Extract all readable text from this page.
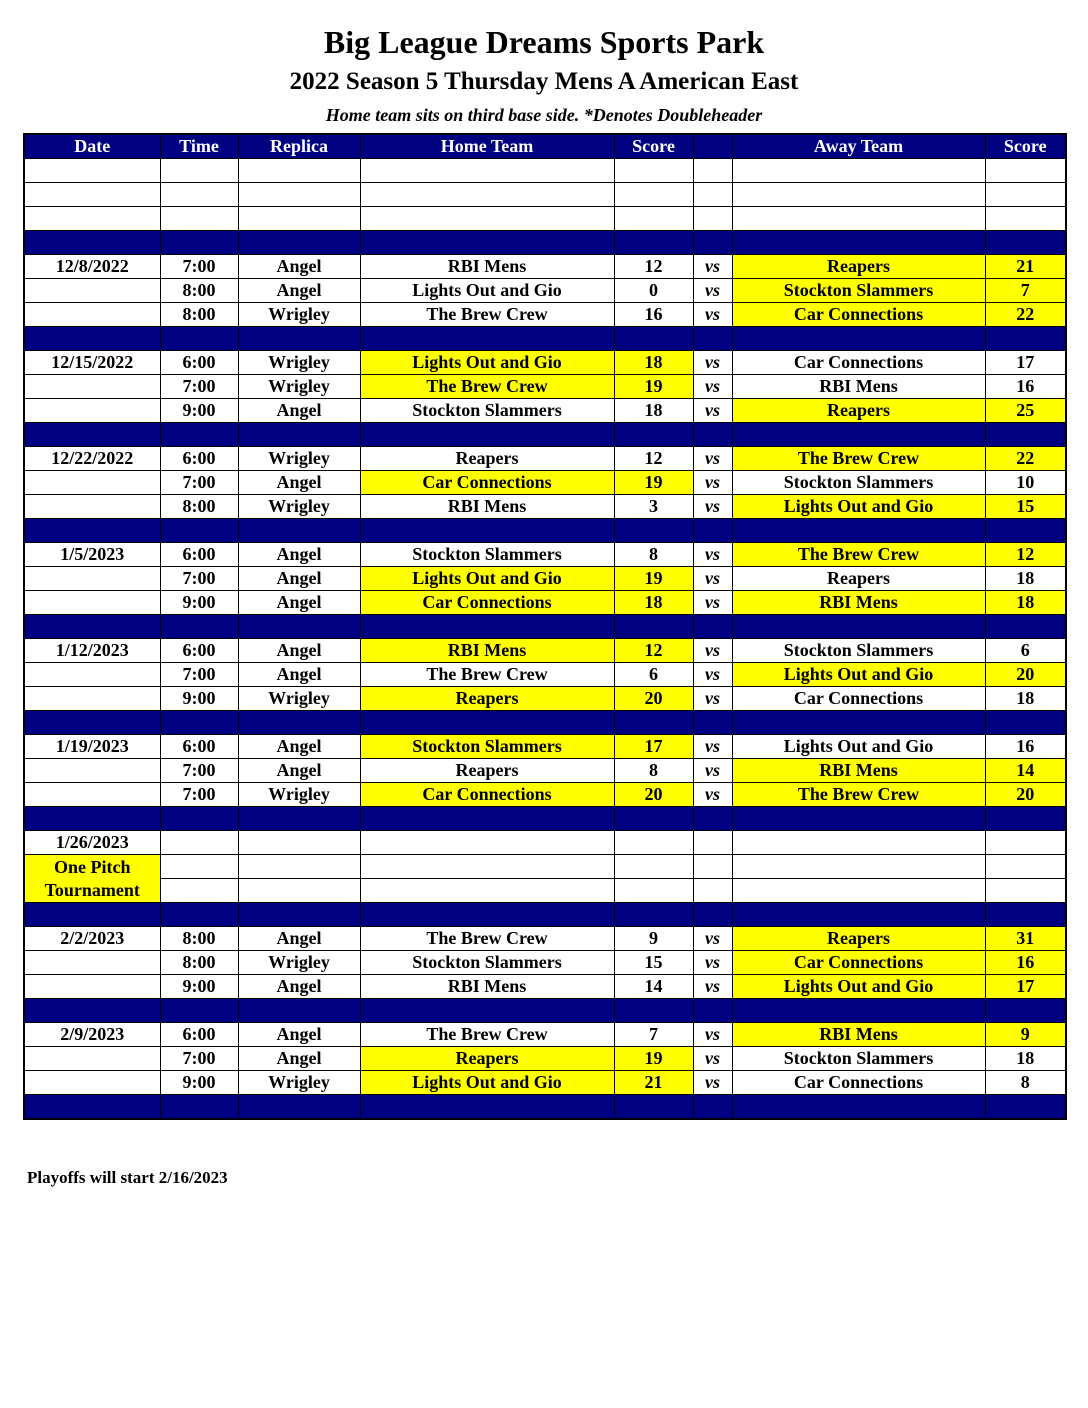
Big League Dreams Sports Park
2022 Season 5 Thursday Mens A American East
Home team sits on third base side. *Denotes Doubleheader
Date	Time	Replica	Home Team	Score		Away Team	Score

12/8/2022	7:00	Angel	RBI Mens	12	vs	Reapers	21
	8:00	Angel	Lights Out and Gio	0	vs	Stockton Slammers	7
	8:00	Wrigley	The Brew Crew	16	vs	Car Connections	22

12/15/2022	6:00	Wrigley	Lights Out and Gio	18	vs	Car Connections	17
	7:00	Wrigley	The Brew Crew	19	vs	RBI Mens	16
	9:00	Angel	Stockton Slammers	18	vs	Reapers	25

12/22/2022	6:00	Wrigley	Reapers	12	vs	The Brew Crew	22
	7:00	Angel	Car Connections	19	vs	Stockton Slammers	10
	8:00	Wrigley	RBI Mens	3	vs	Lights Out and Gio	15

1/5/2023	6:00	Angel	Stockton Slammers	8	vs	The Brew Crew	12
	7:00	Angel	Lights Out and Gio	19	vs	Reapers	18
	9:00	Angel	Car Connections	18	vs	RBI Mens	18

1/12/2023	6:00	Angel	RBI Mens	12	vs	Stockton Slammers	6
	7:00	Angel	The Brew Crew	6	vs	Lights Out and Gio	20
	9:00	Wrigley	Reapers	20	vs	Car Connections	18

1/19/2023	6:00	Angel	Stockton Slammers	17	vs	Lights Out and Gio	16
	7:00	Angel	Reapers	8	vs	RBI Mens	14
	7:00	Wrigley	Car Connections	20	vs	The Brew Crew	20

1/26/2023							

One Pitch
Tournament							

2/2/2023	8:00	Angel	The Brew Crew	9	vs	Reapers	31
	8:00	Wrigley	Stockton Slammers	15	vs	Car Connections	16
	9:00	Angel	RBI Mens	14	vs	Lights Out and Gio	17

2/9/2023	6:00	Angel	The Brew Crew	7	vs	RBI Mens	9
	7:00	Angel	Reapers	19	vs	Stockton Slammers	18
	9:00	Wrigley	Lights Out and Gio	21	vs	Car Connections	8

Playoffs will start 2/16/2023
